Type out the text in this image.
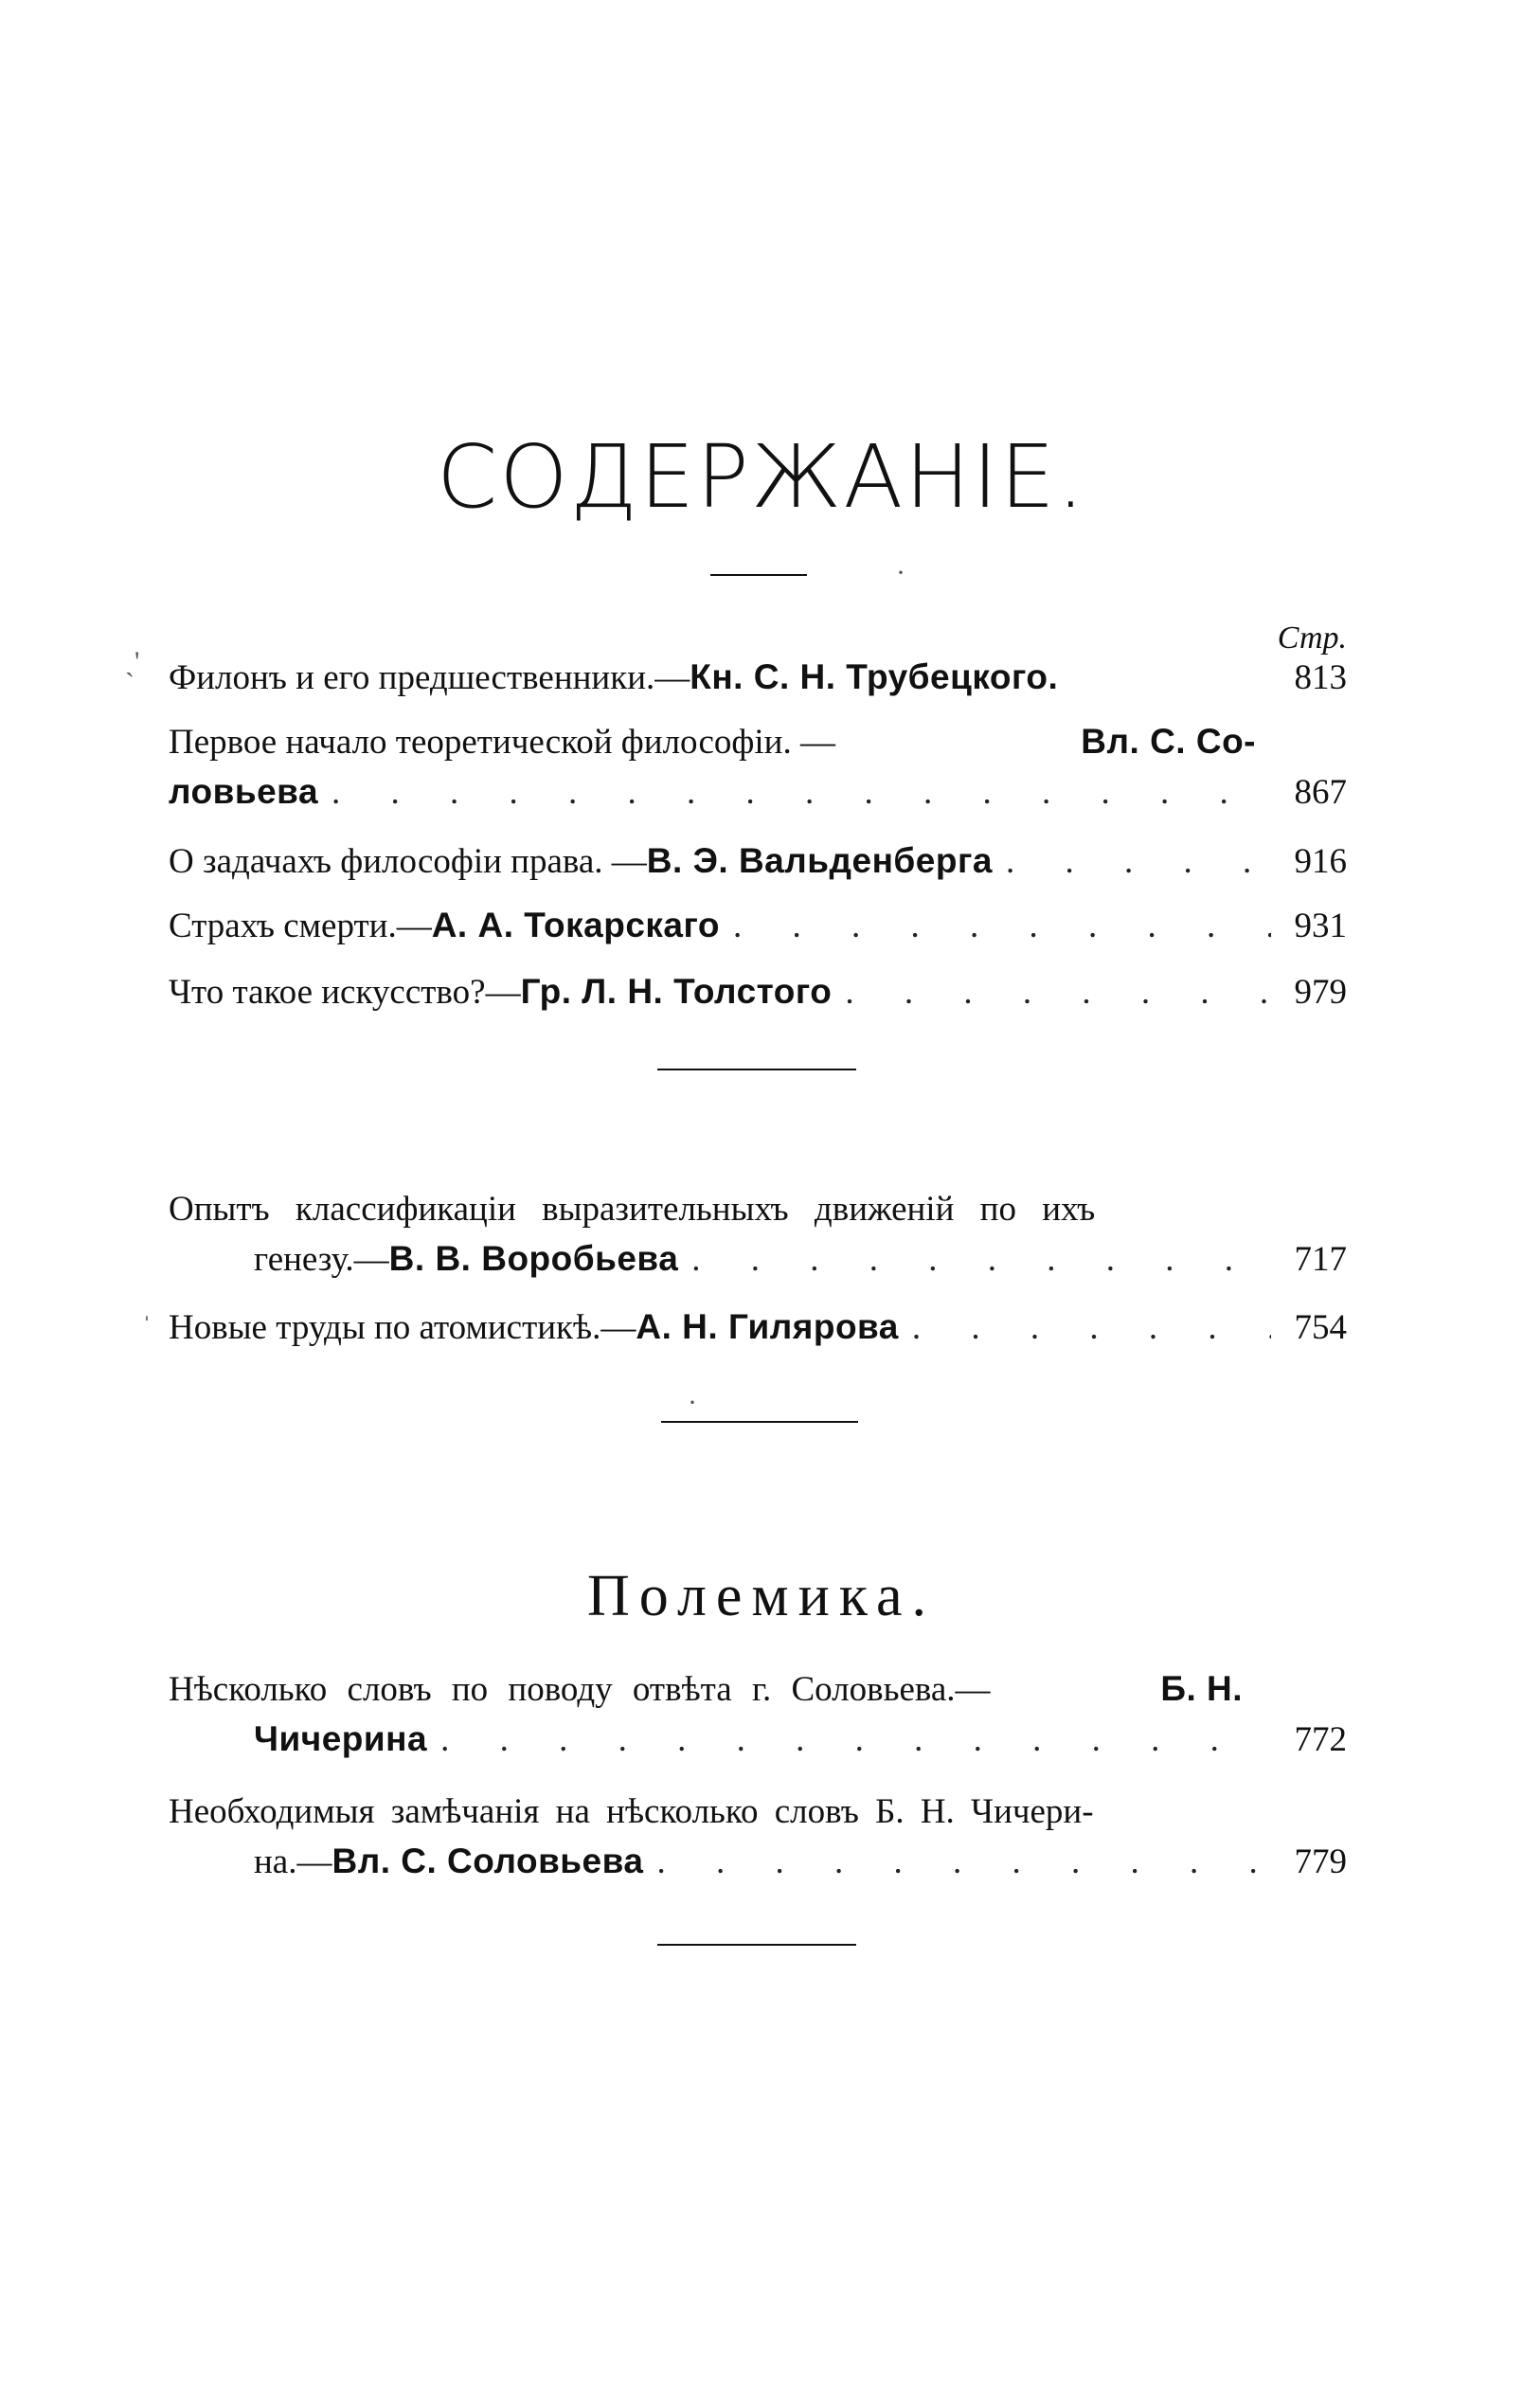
СОДЕРЖАНІЕ.
·
Стр.
ˎ' Филонъ и его предшественники.— Кн. С. Н. Трубецкого.	813
Первое начало теоретической философіи. —	Вл. С. Со-
ловьева . . .	867
О задачахъ философіи права. — В. Э. Вальденберга . . .	916
Страхъ смерти.— А. А. Токарскаго . . .	931
Что такое искусство?— Гр. Л. Н. Толстого . . .	979
Опытъ классификаціи выразительныхъ движеній по ихъ
генезу.— В. В. Воробьева . . .	717
ˈ Новые труды по атомистикѣ.— А. Н. Гилярова . . .	754
·
Полемика.
Нѣсколько словъ по поводу отвѣта г. Соловьева.—	Б. Н.
Чичерина . . .	772
Необходимыя замѣчанія на нѣсколько словъ Б. Н. Чичери-
на.— Вл. С. Соловьева . . .	779
